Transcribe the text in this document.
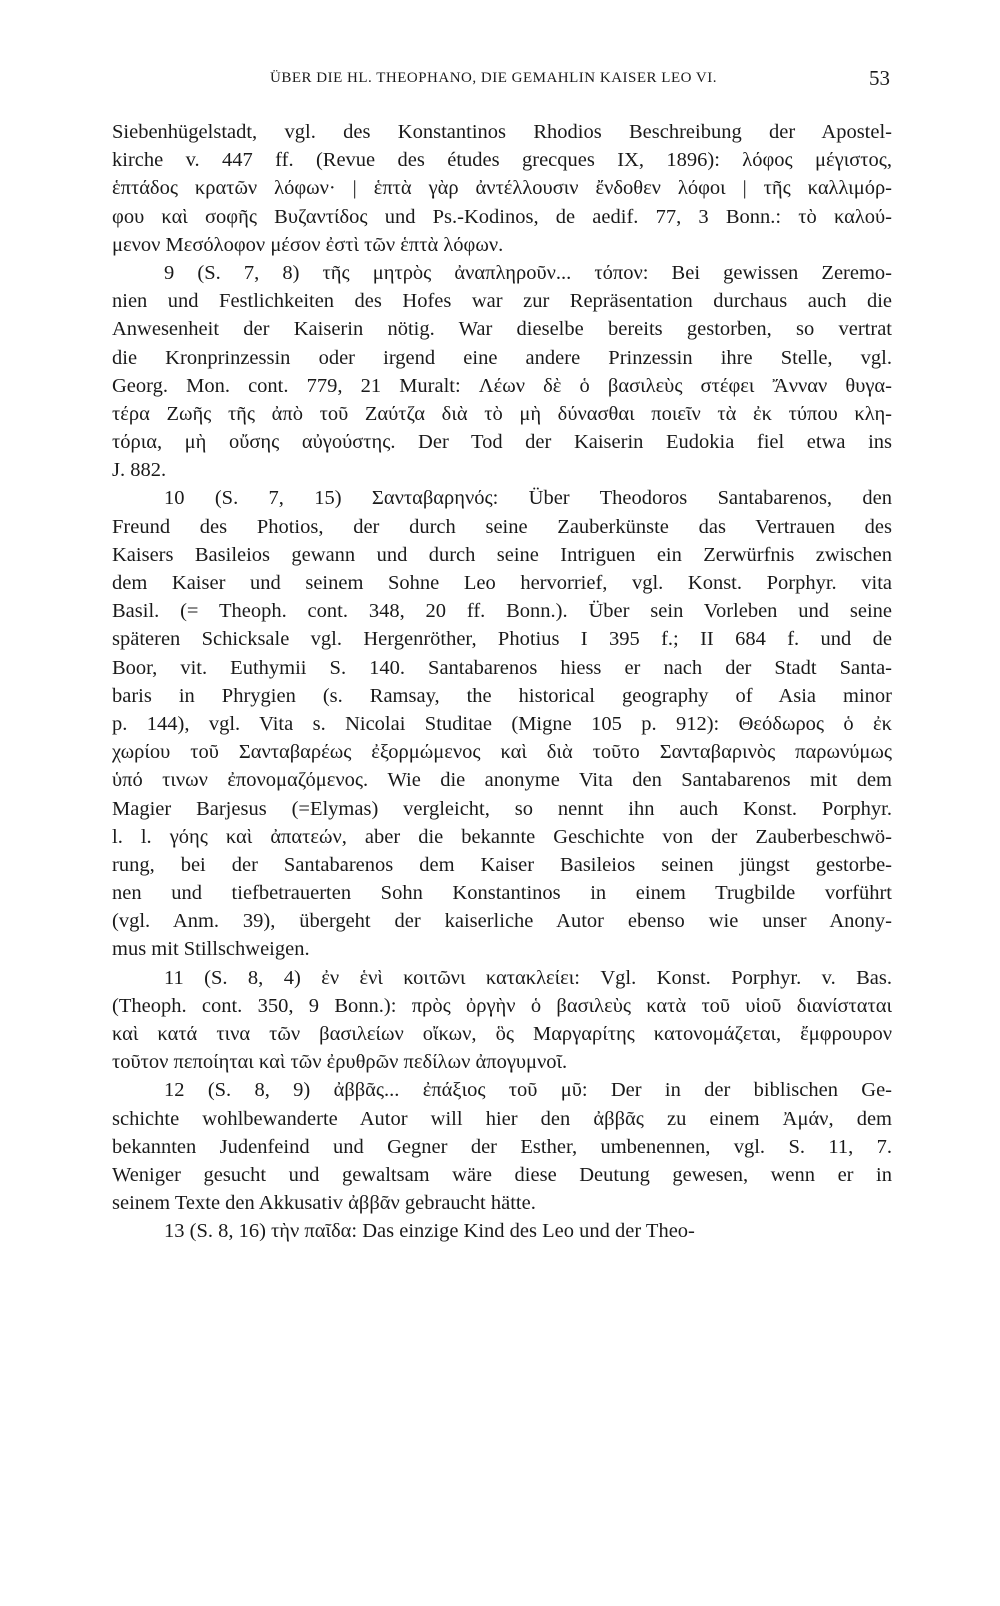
ÜBER DIE HL. THEOPHANO, DIE GEMAHLIN KAISER LEO VI.	53
Siebenhügelstadt, vgl. des Konstantinos Rhodios Beschreibung der Apostel-
kirche v. 447 ff. (Revue des études grecques IX, 1896): λόφος μέγιστος,
ἑπτάδος κρατῶν λόφων· | ἑπτὰ γὰρ ἀντέλλουσιν ἔνδοθεν λόφοι | τῆς καλλιμόρ-
φου καὶ σοφῆς Βυζαντίδος und Ps.-Kodinos, de aedif. 77, 3 Bonn.: τὸ καλού-
μενον Μεσόλοφον μέσον ἐστὶ τῶν ἑπτὰ λόφων.
9 (S. 7, 8) τῆς μητρὸς ἀναπληροῦν... τόπον: Bei gewissen Zeremo-
nien und Festlichkeiten des Hofes war zur Repräsentation durchaus auch die
Anwesenheit der Kaiserin nötig. War dieselbe bereits gestorben, so vertrat
die Kronprinzessin oder irgend eine andere Prinzessin ihre Stelle, vgl.
Georg. Mon. cont. 779, 21 Muralt: Λέων δὲ ὁ βασιλεὺς στέφει Ἄνναν θυγα-
τέρα Ζωῆς τῆς ἀπὸ τοῦ Ζαύτζα διὰ τὸ μὴ δύνασθαι ποιεῖν τὰ ἐκ τύπου κλη-
τόρια, μὴ οὔσης αὐγούστης. Der Tod der Kaiserin Eudokia fiel etwa ins
J. 882.
10 (S. 7, 15) Σανταβαρηνός: Über Theodoros Santabarenos, den
Freund des Photios, der durch seine Zauberkünste das Vertrauen des
Kaisers Basileios gewann und durch seine Intriguen ein Zerwürfnis zwischen
dem Kaiser und seinem Sohne Leo hervorrief, vgl. Konst. Porphyr. vita
Basil. (= Theoph. cont. 348, 20 ff. Bonn.). Über sein Vorleben und seine
späteren Schicksale vgl. Hergenröther, Photius I 395 f.; II 684 f. und de
Boor, vit. Euthymii S. 140. Santabarenos hiess er nach der Stadt Santa-
baris in Phrygien (s. Ramsay, the historical geography of Asia minor
p. 144), vgl. Vita s. Nicolai Studitae (Migne 105 p. 912): Θεόδωρος ὁ ἐκ
χωρίου τοῦ Σανταβαρέως ἐξορμώμενος καὶ διὰ τοῦτο Σανταβαρινὸς παρωνύμως
ὑπό τινων ἐπονομαζόμενος. Wie die anonyme Vita den Santabarenos mit dem
Magier Barjesus (=Elymas) vergleicht, so nennt ihn auch Konst. Porphyr.
l. l. γόης καὶ ἀπατεών, aber die bekannte Geschichte von der Zauberbeschwö-
rung, bei der Santabarenos dem Kaiser Basileios seinen jüngst gestorbe-
nen und tiefbetrauerten Sohn Konstantinos in einem Trugbilde vorführt
(vgl. Anm. 39), übergeht der kaiserliche Autor ebenso wie unser Anony-
mus mit Stillschweigen.
11 (S. 8, 4) ἐν ἑνὶ κοιτῶνι κατακλείει: Vgl. Konst. Porphyr. v. Bas.
(Theoph. cont. 350, 9 Bonn.): πρὸς ὀργὴν ὁ βασιλεὺς κατὰ τοῦ υἱοῦ διανίσταται
καὶ κατά τινα τῶν βασιλείων οἴκων, ὃς Μαργαρίτης κατονομάζεται, ἔμφρουρον
τοῦτον πεποίηται καὶ τῶν ἐρυθρῶν πεδίλων ἀπογυμνοῖ.
12 (S. 8, 9) ἀββᾶς... ἐπάξιος τοῦ μῦ: Der in der biblischen Ge-
schichte wohlbewanderte Autor will hier den ἀββᾶς zu einem Ἀμάν, dem
bekannten Judenfeind und Gegner der Esther, umbenennen, vgl. S. 11, 7.
Weniger gesucht und gewaltsam wäre diese Deutung gewesen, wenn er in
seinem Texte den Akkusativ ἀββᾶν gebraucht hätte.
13 (S. 8, 16) τὴν παῖδα: Das einzige Kind des Leo und der Theo-
